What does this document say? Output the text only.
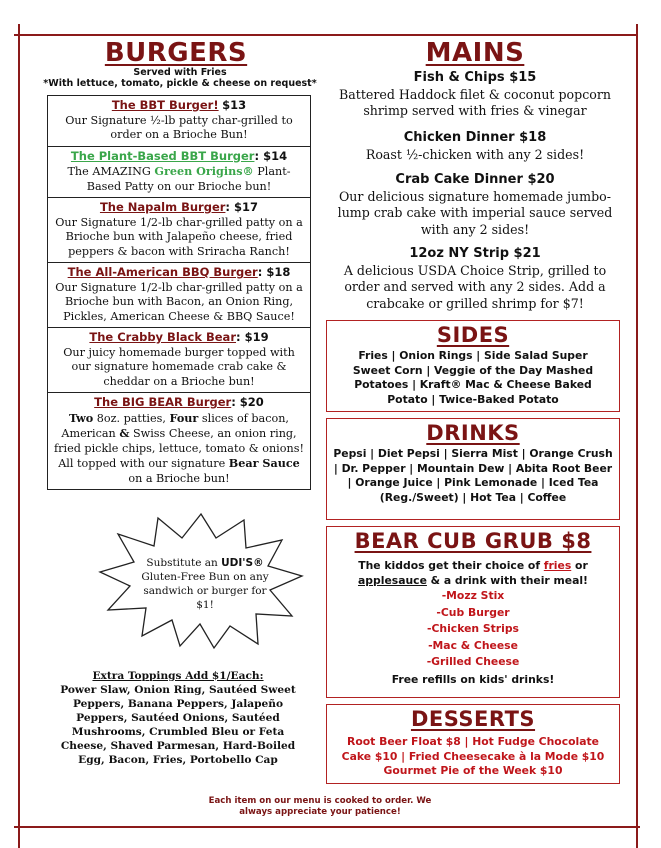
BURGERS
Served with Fries
*With lettuce, tomato, pickle & cheese on request*
The BBT Burger! $13
Our Signature ½-lb patty char-grilled to order on a Brioche Bun!
The Plant-Based BBT Burger: $14
The AMAZING Green Origins® Plant-Based Patty on our Brioche bun!
The Napalm Burger: $17
Our Signature 1/2-lb char-grilled patty on a Brioche bun with Jalapeño cheese, fried peppers & bacon with Sriracha Ranch!
The All-American BBQ Burger: $18
Our Signature 1/2-lb char-grilled patty on a Brioche bun with Bacon, an Onion Ring, Pickles, American Cheese & BBQ Sauce!
The Crabby Black Bear: $19
Our juicy homemade burger topped with our signature homemade crab cake & cheddar on a Brioche bun!
The BIG BEAR Burger: $20
Two 8oz. patties, Four slices of bacon, American & Swiss Cheese, an onion ring, fried pickle chips, lettuce, tomato & onions! All topped with our signature Bear Sauce on a Brioche bun!
Substitute an UDI'S® Gluten-Free Bun on any sandwich or burger for $1!
Extra Toppings Add $1/Each:
Power Slaw, Onion Ring, Sautéed Sweet Peppers, Banana Peppers, Jalapeño Peppers, Sautéed Onions, Sautéed Mushrooms, Crumbled Bleu or Feta Cheese, Shaved Parmesan, Hard-Boiled Egg, Bacon, Fries, Portobello Cap
MAINS
Fish & Chips $15
Battered Haddock filet & coconut popcorn shrimp served with fries & vinegar
Chicken Dinner $18
Roast ½-chicken with any 2 sides!
Crab Cake Dinner $20
Our delicious signature homemade jumbo-lump crab cake with imperial sauce served with any 2 sides!
12oz NY Strip $21
A delicious USDA Choice Strip, grilled to order and served with any 2 sides. Add a crabcake or grilled shrimp for $7!
SIDES
Fries | Onion Rings | Side Salad Super Sweet Corn | Veggie of the Day Mashed Potatoes | Kraft® Mac & Cheese Baked Potato | Twice-Baked Potato
DRINKS
Pepsi | Diet Pepsi | Sierra Mist | Orange Crush | Dr. Pepper | Mountain Dew | Abita Root Beer | Orange Juice | Pink Lemonade | Iced Tea (Reg./Sweet) | Hot Tea | Coffee
BEAR CUB GRUB $8
The kiddos get their choice of fries or applesauce & a drink with their meal!
-Mozz Stix
-Cub Burger
-Chicken Strips
-Mac & Cheese
-Grilled Cheese
Free refills on kids' drinks!
DESSERTS
Root Beer Float $8 | Hot Fudge Chocolate Cake $10 | Fried Cheesecake à la Mode $10 Gourmet Pie of the Week $10
Each item on our menu is cooked to order. We always appreciate your patience!
